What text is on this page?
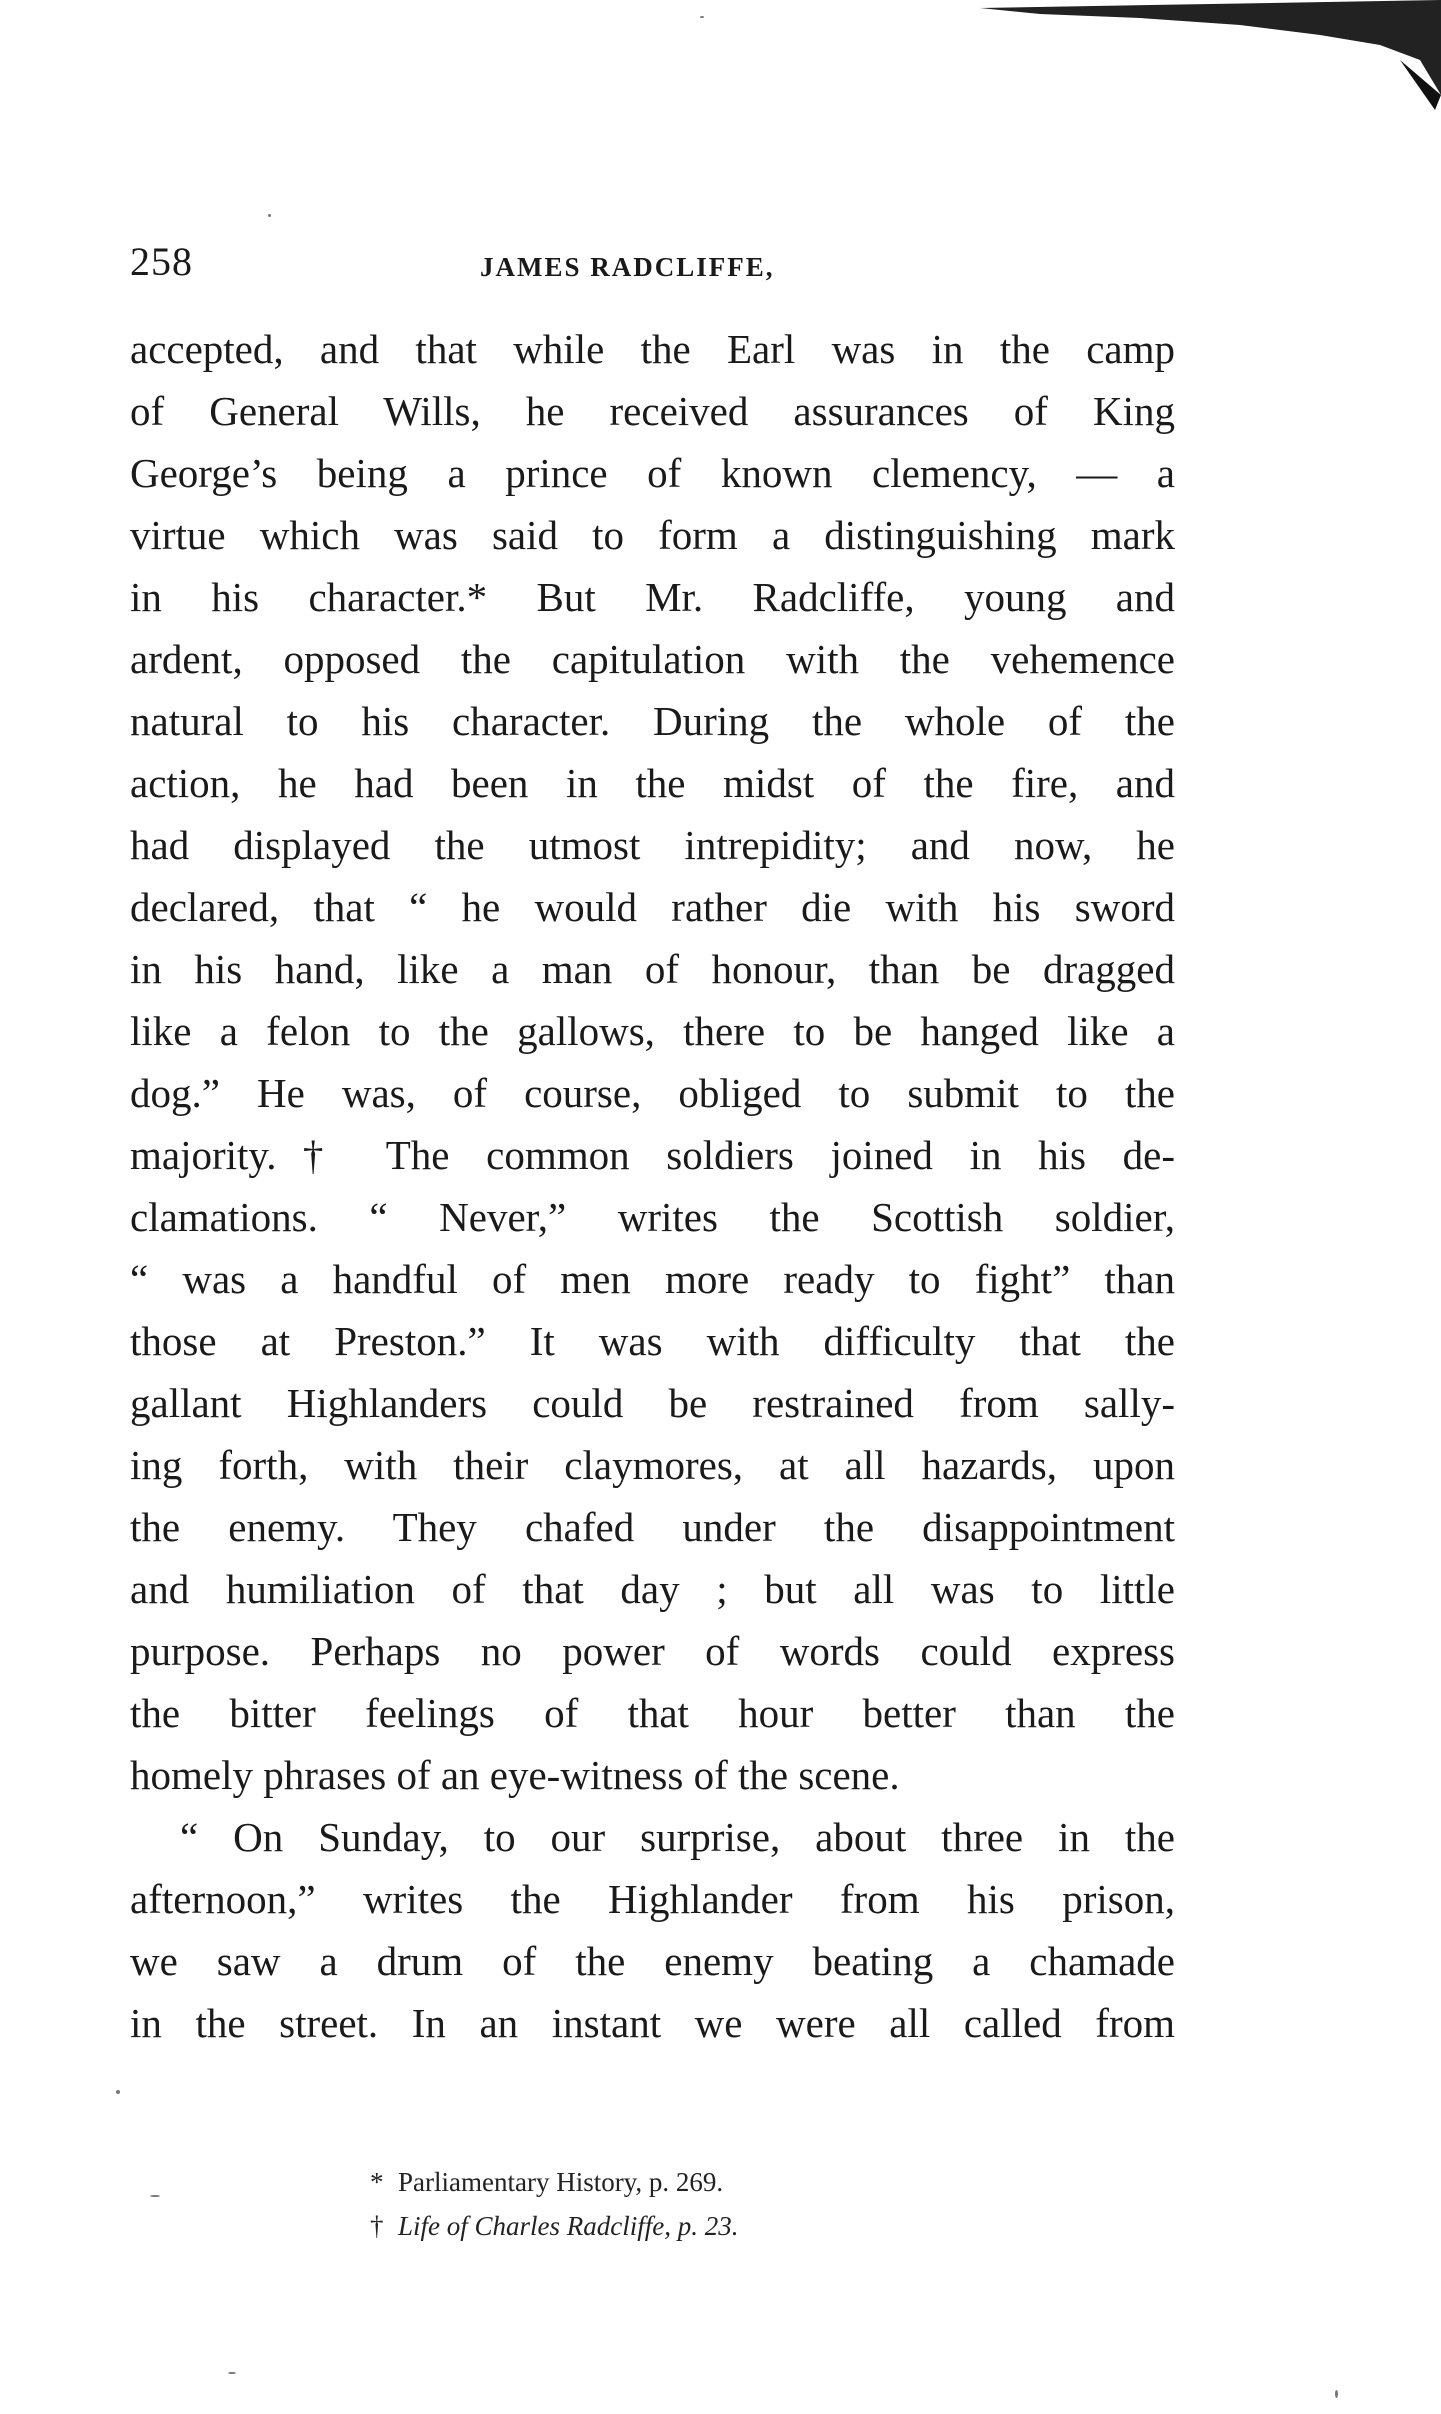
258	JAMES RADCLIFFE,
accepted, and that while the Earl was in the camp
of General Wills, he received assurances of King
George’s being a prince of known clemency, — a
virtue which was said to form a distinguishing mark
in his character.* But Mr. Radcliffe, young and
ardent, opposed the capitulation with the vehemence
natural to his character. During the whole of the
action, he had been in the midst of the fire, and
had displayed the utmost intrepidity; and now, he
declared, that “ he would rather die with his sword
in his hand, like a man of honour, than be dragged
like a felon to the gallows, there to be hanged like a
dog.” He was, of course, obliged to submit to the
majority.† The common soldiers joined in his de-
clamations. “ Never,” writes the Scottish soldier,
“ was a handful of men more ready to fight” than
those at Preston.” It was with difficulty that the
gallant Highlanders could be restrained from sally-
ing forth, with their claymores, at all hazards, upon
the enemy. They chafed under the disappointment
and humiliation of that day ; but all was to little
purpose. Perhaps no power of words could express
the bitter feelings of that hour better than the
homely phrases of an eye-witness of the scene.
“ On Sunday, to our surprise, about three in the
afternoon,” writes the Highlander from his prison,
we saw a drum of the enemy beating a chamade
in the street. In an instant we were all called from
* Parliamentary History, p. 269.
† Life of Charles Radcliffe, p. 23.
